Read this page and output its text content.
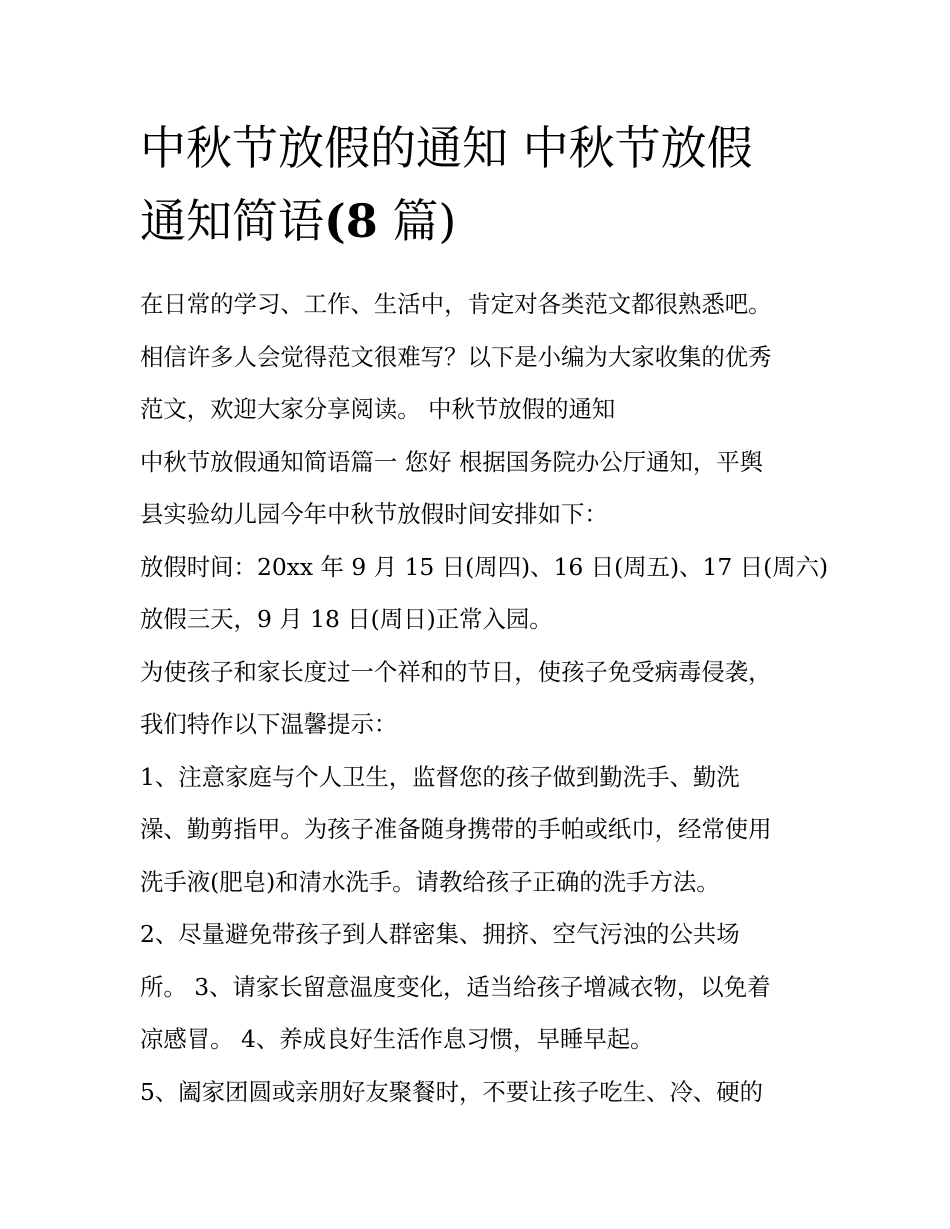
中秋节放假的通知 中秋节放假
通知简语(8 篇)

在日常的学习、工作、生活中，肯定对各类范文都很熟悉吧。

相信许多人会觉得范文很难写？以下是小编为大家收集的优秀

范文，欢迎大家分享阅读。 中秋节放假的通知

中秋节放假通知简语篇一 您好 根据国务院办公厅通知，平舆

县实验幼儿园今年中秋节放假时间安排如下：

放假时间：20xx 年 9 月 15 日(周四)、16 日(周五)、17 日(周六)

放假三天，9 月 18 日(周日)正常入园。

为使孩子和家长度过一个祥和的节日，使孩子免受病毒侵袭，

我们特作以下温馨提示：

1、注意家庭与个人卫生，监督您的孩子做到勤洗手、勤洗

澡、勤剪指甲。为孩子准备随身携带的手帕或纸巾，经常使用

洗手液(肥皂)和清水洗手。请教给孩子正确的洗手方法。

2、尽量避免带孩子到人群密集、拥挤、空气污浊的公共场

所。 3、请家长留意温度变化，适当给孩子增减衣物，以免着

凉感冒。 4、养成良好生活作息习惯，早睡早起。

5、阖家团圆或亲朋好友聚餐时，不要让孩子吃生、冷、硬的
